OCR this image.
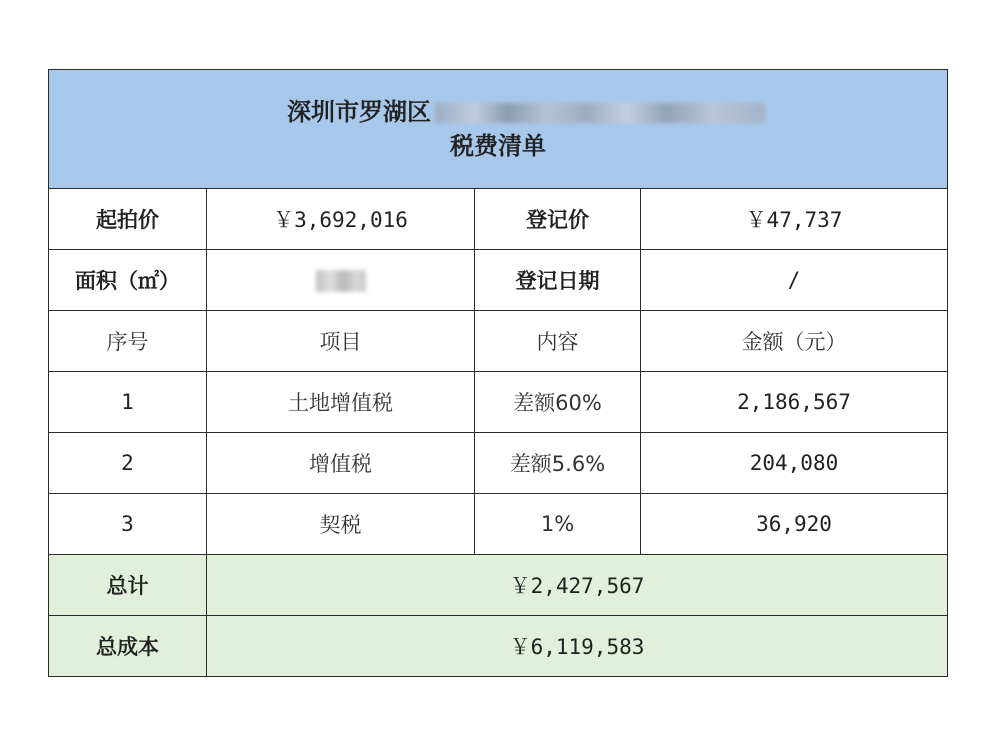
深圳市罗湖区
税费清单			
起拍价	￥3,692,016	登记价	￥47,737
面积（㎡）		登记日期	/
序号	项目	内容	金额（元）
1	土地增值税	差额60%	2,186,567
2	增值税	差额5.6%	204,080
3	契税	1%	36,920
总计	￥2,427,567		
总成本	￥6,119,583		
